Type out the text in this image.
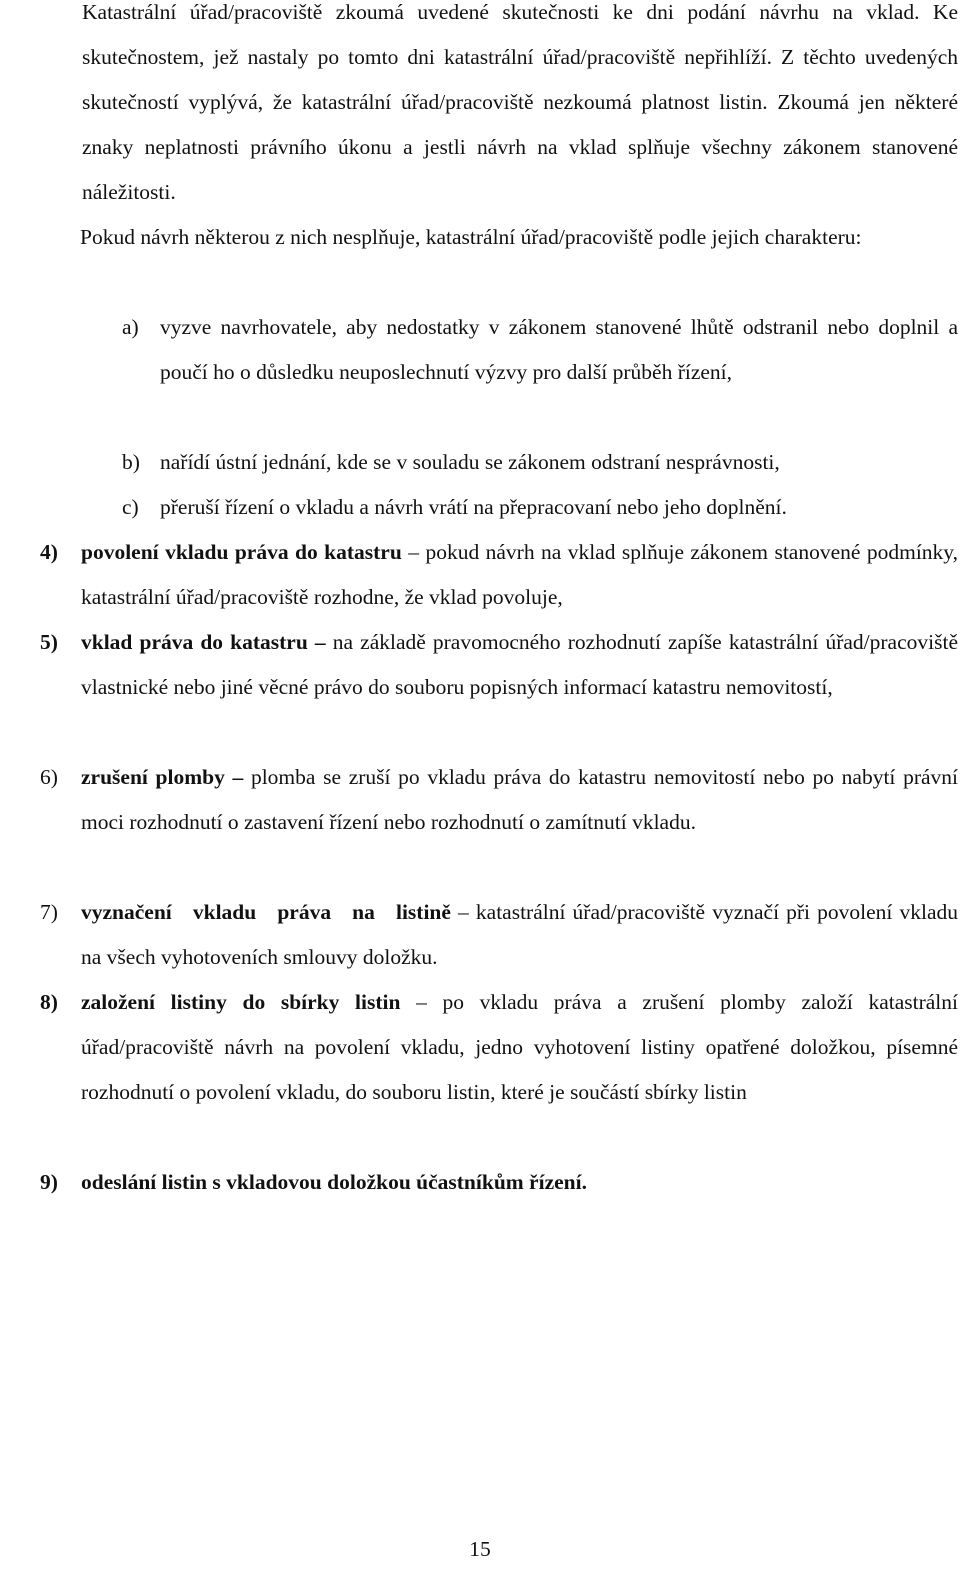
Katastrální úřad/pracoviště zkoumá uvedené skutečnosti ke dni podání návrhu na vklad. Ke skutečnostem, jež nastaly po tomto dni katastrální úřad/pracoviště nepřihlíží. Z těchto uvedených skutečností vyplývá, že katastrální úřad/pracoviště nezkoumá platnost listin. Zkoumá jen některé znaky neplatnosti právního úkonu a jestli návrh na vklad splňuje všechny zákonem stanovené náležitosti.

Pokud návrh některou z nich nesplňuje, katastrální úřad/pracoviště podle jejich charakteru:

a) vyzve navrhovatele, aby nedostatky v zákonem stanovené lhůtě odstranil nebo doplnil a poučí ho o důsledku neuposlechnutí výzvy pro další průběh řízení,
b) nařídí ústní jednání, kde se v souladu se zákonem odstraní nesprávnosti,
c) přeruší řízení o vkladu a návrh vrátí na přepracovaní nebo jeho doplnění.
4) povolení vkladu práva do katastru – pokud návrh na vklad splňuje zákonem stanovené podmínky, katastrální úřad/pracoviště rozhodne, že vklad povoluje,
5) vklad práva do katastru – na základě pravomocného rozhodnutí zapíše katastrální úřad/pracoviště vlastnické nebo jiné věcné právo do souboru popisných informací katastru nemovitostí,
6) zrušení plomby – plomba se zruší po vkladu práva do katastru nemovitostí nebo po nabytí právní moci rozhodnutí o zastavení řízení nebo rozhodnutí o zamítnutí vkladu.
7) vyznačení vkladu práva na listině – katastrální úřad/pracoviště vyznačí při povolení vkladu na všech vyhotoveních smlouvy doložku.
8) založení listiny do sbírky listin – po vkladu práva a zrušení plomby založí katastrální úřad/pracoviště návrh na povolení vkladu, jedno vyhotovení listiny opatřené doložkou, písemné rozhodnutí o povolení vkladu, do souboru listin, které je součástí sbírky listin
9) odeslání listin s vkladovou doložkou účastníkům řízení.
15
